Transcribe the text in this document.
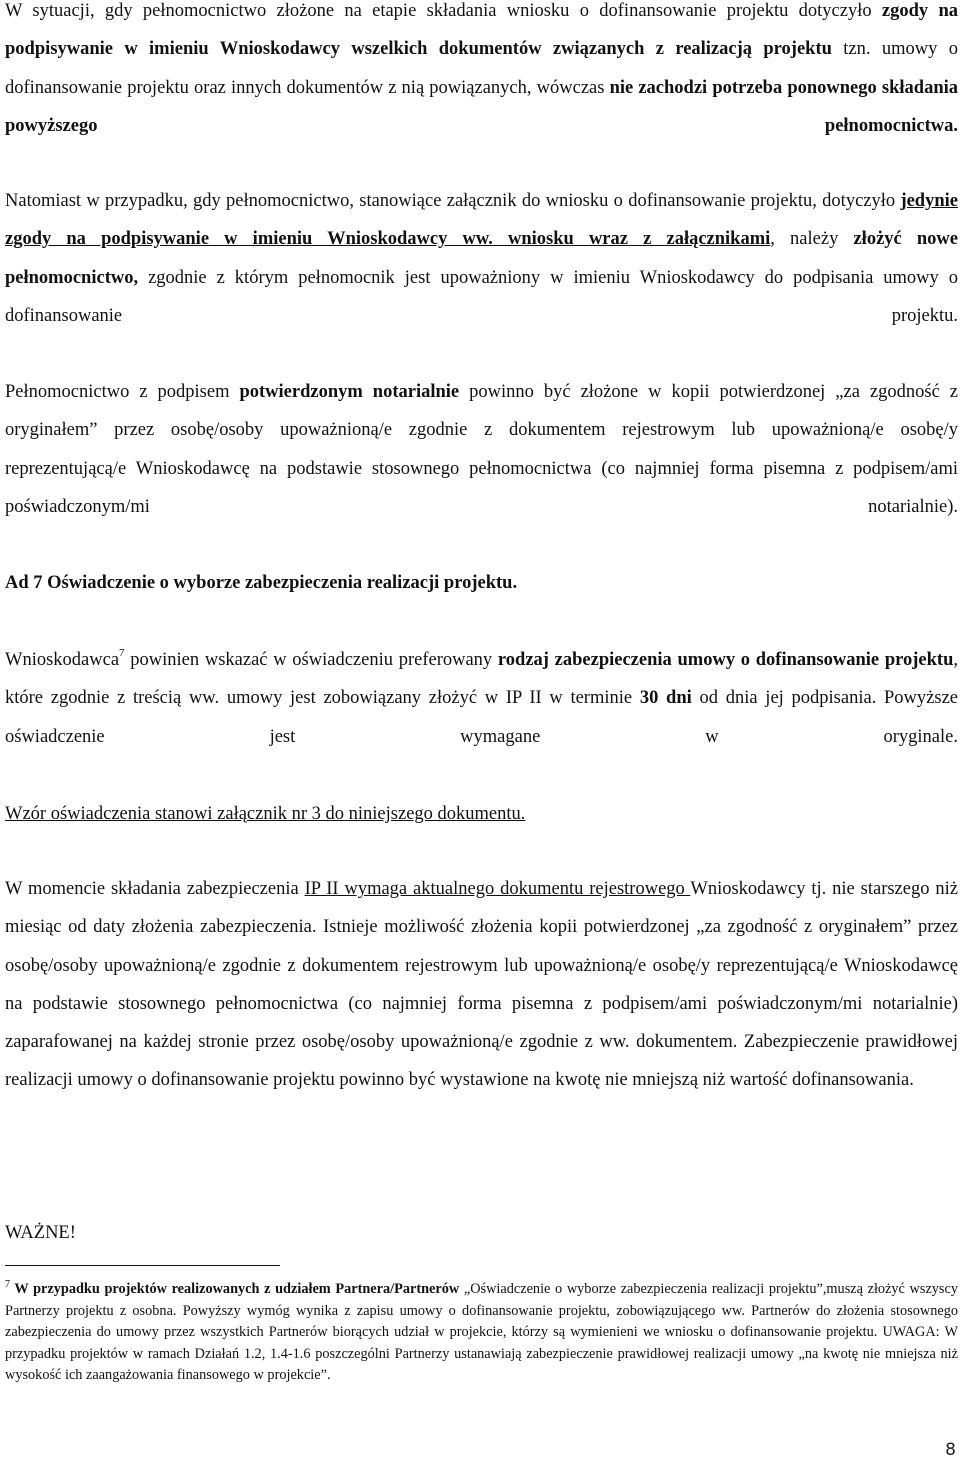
W sytuacji, gdy pełnomocnictwo złożone na etapie składania wniosku o dofinansowanie projektu dotyczyło zgody na podpisywanie w imieniu Wnioskodawcy wszelkich dokumentów związanych z realizacją projektu tzn. umowy o dofinansowanie projektu oraz innych dokumentów z nią powiązanych, wówczas nie zachodzi potrzeba ponownego składania powyższego pełnomocnictwa.

Natomiast w przypadku, gdy pełnomocnictwo, stanowiące załącznik do wniosku o dofinansowanie projektu, dotyczyło jedynie zgody na podpisywanie w imieniu Wnioskodawcy ww. wniosku wraz z załącznikami, należy złożyć nowe pełnomocnictwo, zgodnie z którym pełnomocnik jest upoważniony w imieniu Wnioskodawcy do podpisania umowy o dofinansowanie projektu.

Pełnomocnictwo z podpisem potwierdzonym notarialnie powinno być złożone w kopii potwierdzonej „za zgodność z oryginałem” przez osobę/osoby upoważnioną/e zgodnie z dokumentem rejestrowym lub upoważnioną/e osobę/y reprezentującą/e Wnioskodawcę na podstawie stosownego pełnomocnictwa (co najmniej forma pisemna z podpisem/ami poświadczonym/mi notarialnie).

Ad 7 Oświadczenie o wyborze zabezpieczenia realizacji projektu.

Wnioskodawca$^7$ powinien wskazać w oświadczeniu preferowany rodzaj zabezpieczenia umowy o dofinansowanie projektu, które zgodnie z treścią ww. umowy jest zobowiązany złożyć w IP II w terminie 30 dni od dnia jej podpisania. Powyższe oświadczenie jest wymagane w oryginale.

Wzór oświadczenia stanowi załącznik nr 3 do niniejszego dokumentu.

W momencie składania zabezpieczenia IP II wymaga aktualnego dokumentu rejestrowego Wnioskodawcy tj. nie starszego niż miesiąc od daty złożenia zabezpieczenia. Istnieje możliwość złożenia kopii potwierdzonej „za zgodność z oryginałem” przez osobę/osoby upoważnioną/e zgodnie z dokumentem rejestrowym lub upoważnioną/e osobę/y reprezentującą/e Wnioskodawcę na podstawie stosownego pełnomocnictwa (co najmniej forma pisemna z podpisem/ami poświadczonym/mi notarialnie) zaparafowanej na każdej stronie przez osobę/osoby upoważnioną/e zgodnie z ww. dokumentem. Zabezpieczenie prawidłowej realizacji umowy o dofinansowanie projektu powinno być wystawione na kwotę nie mniejszą niż wartość dofinansowania.

WAŻNE!

$^7$ W przypadku projektów realizowanych z udziałem Partnera/Partnerów „Oświadczenie o wyborze zabezpieczenia realizacji projektu”,muszą złożyć wszyscy Partnerzy projektu z osobna. Powyższy wymóg wynika z zapisu umowy o dofinansowanie projektu, zobowiązującego ww. Partnerów do złożenia stosownego zabezpieczenia do umowy przez wszystkich Partnerów biorących udział w projekcie, którzy są wymienieni we wniosku o dofinansowanie projektu. UWAGA: W przypadku projektów w ramach Działań 1.2, 1.4-1.6 poszczególni Partnerzy ustanawiają zabezpieczenie prawidłowej realizacji umowy „na kwotę nie mniejsza niż wysokość ich zaangażowania finansowego w projekcie”.

8
